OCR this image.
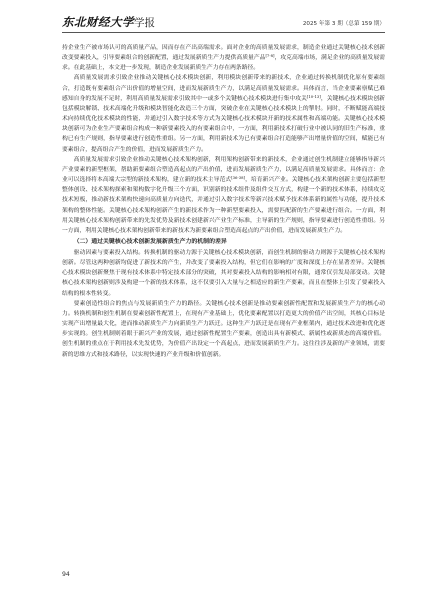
东北财经大学学报	2025 年第 3 期（总第 159 期）

持企业生产被市场认可的高质量产品，因而存在产出高端需求。面对企业的高质量发展需求，制造企业通过关键核心技术创新改变要素投入，引导要素组合的创新配置，通过发展新质生产力提供高质量产品[7-8]，攻克高端市场，满足企业的高质量发展需求。在此基础上，本文进一步发现，制造企业发展新质生产力存在两条路径。

高质量发展需求引致企业推动关键核心技术模块创新，利用模块创新带来的新技术，企业通过转换机制优化原有要素组合，打造既有要素组合产出价值的增量空间，进而发展新质生产力，以满足高质量发展需求。具体而言，当企业要素禀赋已难感知自身的发展不足时，利用高质量发展需求引致其中一或多个关键核心技术模块进行集中攻关[10-13]，关键核心技术模块创新包括模块解锁、技术高端化升级和模块智能化改造三个方面，突破企业在关键核心技术模块上的掣肘。同时，不断赋能高端技术向持续优化技术模块的性能，并通过引入数字技术等方式为关键核心技术模块开新的技术属性和高端功能。关键核心技术模块创新可为企业生产要素组合构成一种新要素投入的有要素组合中，一方面，利用新技术打破行业中被认同的旧生产标准，重构已有生产规则，指导要素进行创造性重组。另一方面，利用新技术为已有要素组合打造能够产出增量价值的空间，赋能已有要素组合，提高组合产生的价值，进而发展新质生产力。

高质量发展需求引致企业推动关键核心技术架构创新，利用架构创新带来的新技术，企业通过创生机制建立能够指导新兴产业要素的新型框架，帮助新要素组合塑造高起点的产出价值，进而发展新质生产力，以满足高质量发展需求。具体而言：企业可以选择将本高端大宗型的新技术架构，建立新的技术主导范式[36-38]，培育新兴产业。关键核心技术架构创新主要包括新型整体创设、技术架构探索和架构数字化升级三个方面，识别新的技术组件及组件交互方式，构建一个新的技术体系，持续攻克技术短板，推动新技术架构快速向高质量方向迭代，并通过引入数字技术等新兴技术赋予技术体系新的属性与功能，提升技术架构的整体性能。关键核心技术架构创新产生的新技术作为一种新型要素投入，需要匹配新的生产要素进行组合。一方面，利用关键核心技术架构创新带来的先发优势及新技术创建新兴产业生产标准，主导新的生产规则，指导要素进行创造性重组。另一方面，利用关键核心技术架构创新带来的新技术为新要素组合塑造高起点的产出价值，进而发展新质生产力。

（二）通过关键核心技术创新发展新质生产力的机制的差异

驱动因素与要素投入结构。转换机制的驱动力源于关键核心技术模块创新，而创生机制的驱动力则源于关键核心技术架构创新。尽管这两种创新均促进了新技术的产生，并改变了要素投入结构，但它们在影响的广度和深度上存在显著差异。关键核心技术模块创新聚焦于现有技术体系中特定技术部分的突破，其对要素投入结构的影响相对有限，通常仅引发局部变动。关键核心技术架构创新则涉及构建一个新的技术体系，这不仅要引入大量与之相适应的新生产要素，而且在整体上引发了要素投入结构的根本性转变。

要素创造性组合的焦点与发展新质生产力的路径。关键核心技术创新是推动要素创新性配置和发展新质生产力的核心动力。转换机制和创生机制在要素创新性配置上，在现有产业基础上，优化要素配置以打造更大的价值产出空间，其核心目标是实现产出增量最大化，进而推动新质生产力向新质生产力跃迁。这种生产力跃迁是在现有产业框架内，通过技术改进和优化逐步实现的。创生机制则着眼于新兴产业的发展，通过创新性配置生产要素，创造出具有新模式、新属性或新质态的高端价值。创生机制的重点在于利用技术先发优势，为价值产出设定一个高起点，进而发展新质生产力。这往往涉及新的产业领域，需要新的思维方式和技术路径，以实现快速的产业升级和价值创新。

94
